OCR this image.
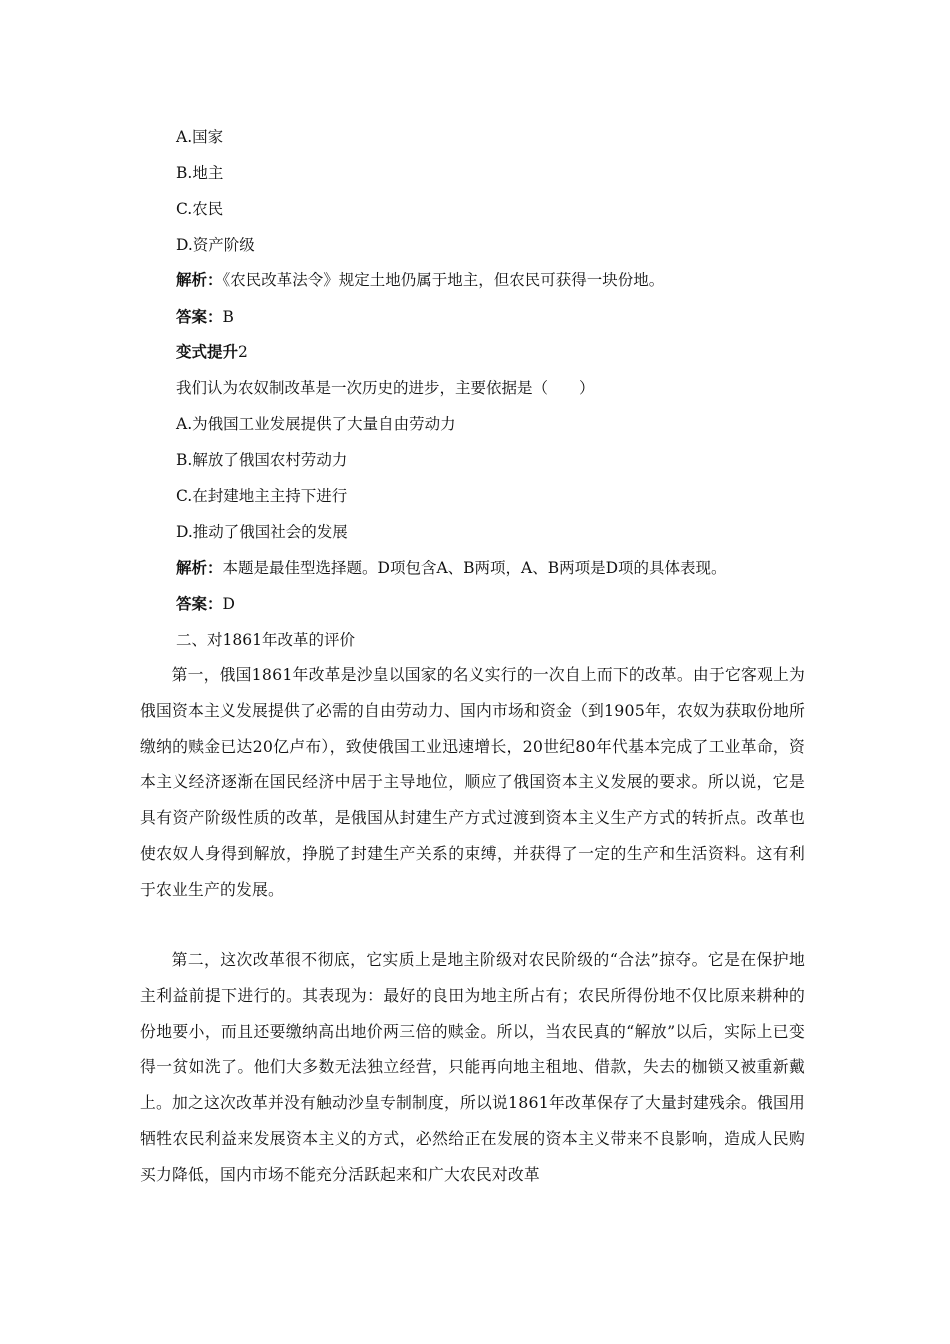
A.国家
B.地主
C.农民
D.资产阶级
解析：《农民改革法令》规定土地仍属于地主，但农民可获得一块份地。
答案：B
变式提升2
我们认为农奴制改革是一次历史的进步，主要依据是（　　）
A.为俄国工业发展提供了大量自由劳动力
B.解放了俄国农村劳动力
C.在封建地主主持下进行
D.推动了俄国社会的发展
解析：本题是最佳型选择题。D项包含A、B两项，A、B两项是D项的具体表现。
答案：D
二、对1861年改革的评价
第一，俄国1861年改革是沙皇以国家的名义实行的一次自上而下的改革。由于它客观上为俄国资本主义发展提供了必需的自由劳动力、国内市场和资金（到1905年，农奴为获取份地所缴纳的赎金已达20亿卢布），致使俄国工业迅速增长，20世纪80年代基本完成了工业革命，资本主义经济逐渐在国民经济中居于主导地位，顺应了俄国资本主义发展的要求。所以说，它是具有资产阶级性质的改革，是俄国从封建生产方式过渡到资本主义生产方式的转折点。改革也使农奴人身得到解放，挣脱了封建生产关系的束缚，并获得了一定的生产和生活资料。这有利于农业生产的发展。
第二，这次改革很不彻底，它实质上是地主阶级对农民阶级的“合法”掠夺。它是在保护地主利益前提下进行的。其表现为：最好的良田为地主所占有；农民所得份地不仅比原来耕种的份地要小，而且还要缴纳高出地价两三倍的赎金。所以，当农民真的“解放”以后，实际上已变得一贫如洗了。他们大多数无法独立经营，只能再向地主租地、借款，失去的枷锁又被重新戴上。加之这次改革并没有触动沙皇专制制度，所以说1861年改革保存了大量封建残余。俄国用牺牲农民利益来发展资本主义的方式，必然给正在发展的资本主义带来不良影响，造成人民购买力降低，国内市场不能充分活跃起来和广大农民对改革
